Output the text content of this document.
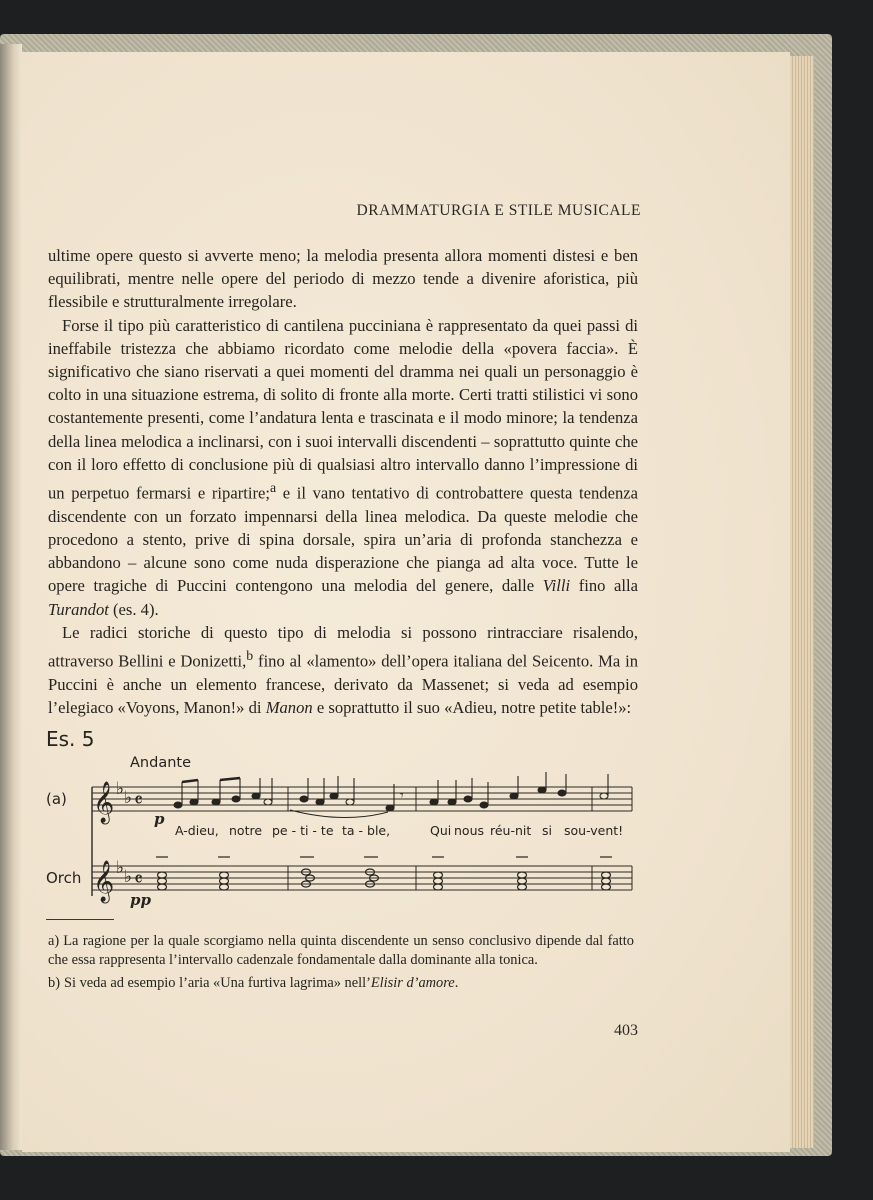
DRAMMATURGIA E STILE MUSICALE

ultime opere questo si avverte meno; la melodia presenta allora momenti distesi e ben equilibrati, mentre nelle opere del periodo di mezzo tende a divenire aforistica, più flessibile e strutturalmente irregolare.

Forse il tipo più caratteristico di cantilena pucciniana è rappresentato da quei passi di ineffabile tristezza che abbiamo ricordato come melodie della «povera faccia». È significativo che siano riservati a quei momenti del dramma nei quali un personaggio è colto in una situazione estrema, di solito di fronte alla morte. Certi tratti stilistici vi sono costantemente presenti, come l’andatura lenta e trascinata e il modo minore; la tendenza della linea melodica a inclinarsi, con i suoi intervalli discendenti – soprattutto quinte che con il loro effetto di conclusione più di qualsiasi altro intervallo danno l’impressione di un perpetuo fermarsi e ripartire;$^a$ e il vano tentativo di controbattere questa tendenza discendente con un forzato impennarsi della linea melodica. Da queste melodie che procedono a stento, prive di spina dorsale, spira un’aria di profonda stanchezza e abbandono – alcune sono come nuda disperazione che pianga ad alta voce. Tutte le opere tragiche di Puccini contengono una melodia del genere, dalle Villi fino alla Turandot (es. 4).

Le radici storiche di questo tipo di melodia si possono rintracciare risalendo, attraverso Bellini e Donizetti,$^b$ fino al «lamento» dell’opera italiana del Seicento. Ma in Puccini è anche un elemento francese, derivato da Massenet; si veda ad esempio l’elegiaco «Voyons, Manon!» di Manon e soprattutto il suo «Adieu, notre petite table!»:

Es. 5
Andante
(a) 𝄞 ♭ ♭ 𝄴
p
𝄾
A-dieu, notre pe - ti - te ta - ble,	Qui nous réu-nit si sou-vent!
Orch 𝄞 ♭ ♭ 𝄴
pp

a) La ragione per la quale scorgiamo nella quinta discendente un senso conclusivo dipende dal fatto che essa rappresenta l’intervallo cadenzale fondamentale dalla dominante alla tonica.

b) Si veda ad esempio l’aria «Una furtiva lagrima» nell’Elisir d’amore.

403
